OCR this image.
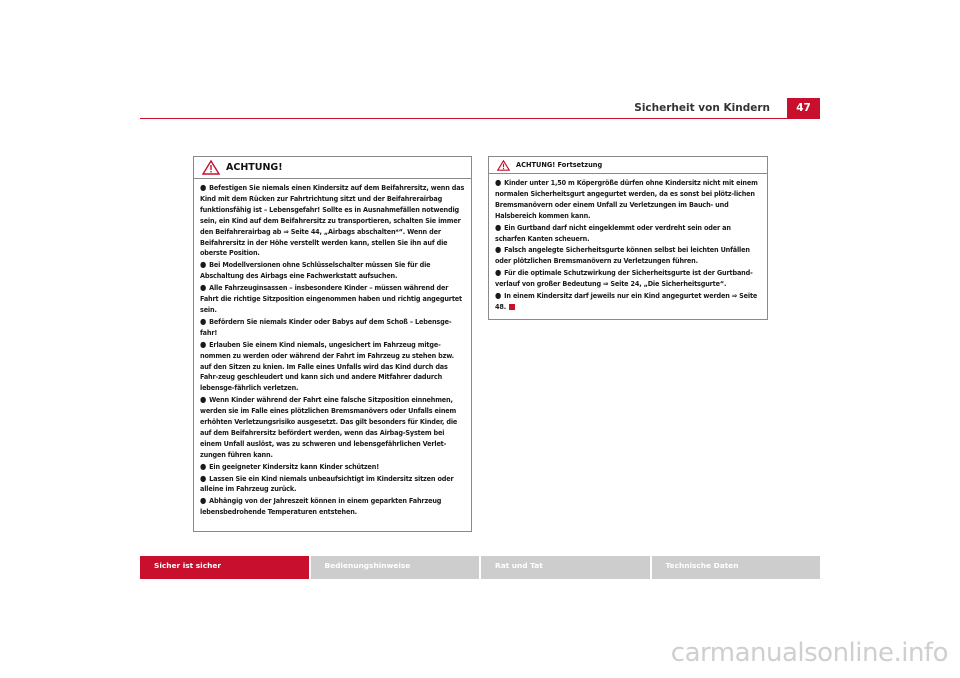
Sicherheit von Kindern	47
ACHTUNG!

● Befestigen Sie niemals einen Kindersitz auf dem Beifahrersitz, wenn das Kind mit dem Rücken zur Fahrtrichtung sitzt und der Beifahrerairbag funktionsfähig ist – Lebensgefahr! Sollte es in Ausnahmefällen notwendig sein, ein Kind auf dem Beifahrersitz zu transportieren, schalten Sie immer den Beifahrerairbag ab ⇒ Seite 44, „Airbags abschalten*“. Wenn der Beifahrersitz in der Höhe verstellt werden kann, stellen Sie ihn auf die oberste Position.

● Bei Modellversionen ohne Schlüsselschalter müssen Sie für die Abschaltung des Airbags eine Fachwerkstatt aufsuchen.

● Alle Fahrzeuginsassen – insbesondere Kinder – müssen während der Fahrt die richtige Sitzposition eingenommen haben und richtig angegurtet sein.

● Befördern Sie niemals Kinder oder Babys auf dem Schoß – Lebensge-fahr!

● Erlauben Sie einem Kind niemals, ungesichert im Fahrzeug mitge-nommen zu werden oder während der Fahrt im Fahrzeug zu stehen bzw. auf den Sitzen zu knien. Im Falle eines Unfalls wird das Kind durch das Fahr-zeug geschleudert und kann sich und andere Mitfahrer dadurch lebensge-fährlich verletzen.

● Wenn Kinder während der Fahrt eine falsche Sitzposition einnehmen, werden sie im Falle eines plötzlichen Bremsmanövers oder Unfalls einem erhöhten Verletzungsrisiko ausgesetzt. Das gilt besonders für Kinder, die auf dem Beifahrersitz befördert werden, wenn das Airbag-System bei einem Unfall auslöst, was zu schweren und lebensgefährlichen Verlet-zungen führen kann.

● Ein geeigneter Kindersitz kann Kinder schützen!

● Lassen Sie ein Kind niemals unbeaufsichtigt im Kindersitz sitzen oder alleine im Fahrzeug zurück.

● Abhängig von der Jahreszeit können in einem geparkten Fahrzeug lebensbedrohende Temperaturen entstehen.

ACHTUNG! Fortsetzung

● Kinder unter 1,50 m Köpergröße dürfen ohne Kindersitz nicht mit einem normalen Sicherheitsgurt angegurtet werden, da es sonst bei plötz-lichen Bremsmanövern oder einem Unfall zu Verletzungen im Bauch- und Halsbereich kommen kann.

● Ein Gurtband darf nicht eingeklemmt oder verdreht sein oder an scharfen Kanten scheuern.

● Falsch angelegte Sicherheitsgurte können selbst bei leichten Unfällen oder plötzlichen Bremsmanövern zu Verletzungen führen.

● Für die optimale Schutzwirkung der Sicherheitsgurte ist der Gurtband-verlauf von großer Bedeutung ⇒ Seite 24, „Die Sicherheitsgurte“.

● In einem Kindersitz darf jeweils nur ein Kind angegurtet werden ⇒ Seite 48.

Sicher ist sicher	Bedienungshinweise	Rat und Tat	Technische Daten
carmanualsonline.info
